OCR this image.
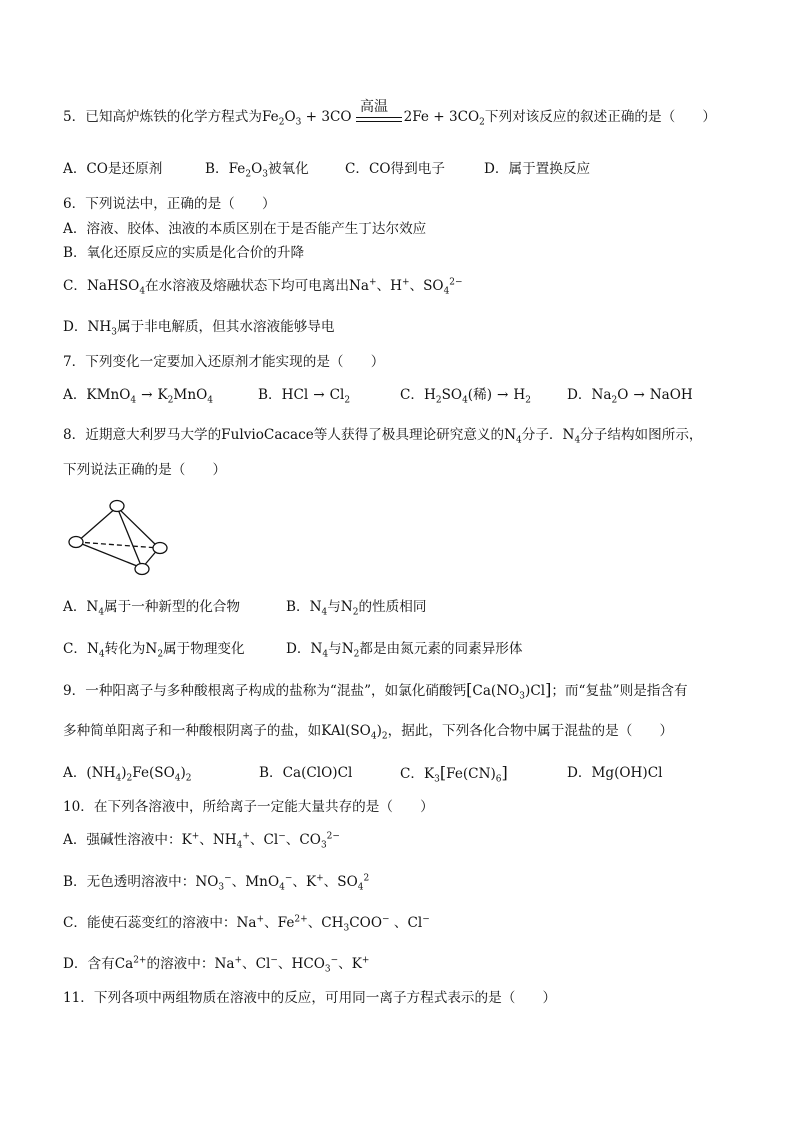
5．已知高炉炼铁的化学方程式为$Fe_2O_3 + 3CO$	$2Fe + 3CO_2$下列对该反应的叙述正确的是（　　）
高温
A．CO是还原剂	B．$Fe_2O_3$被氧化	C．CO得到电子	D．属于置换反应
6．下列说法中，正确的是（　　）
A．溶液、胶体、浊液的本质区别在于是否能产生丁达尔效应
B．氧化还原反应的实质是化合价的升降
C．NaHSO$_4$在水溶液及熔融状态下均可电离出Na+、H+、$SO_4^{2-}$
D．$NH_3$属于非电解质，但其水溶液能够导电
7．下列变化一定要加入还原剂才能实现的是（　　）
A．KMnO$_4$ → $K_2MnO_4$	B．HCl → $Cl_2$	C．$H_2SO_4$(稀) → $H_2$	D．$Na_2O$ → NaOH
8．近期意大利罗马大学的FulvioCacace等人获得了极具理论研究意义的$N_4$分子．$N_4$分子结构如图所示，
下列说法正确的是（　　）
A．$N_4$属于一种新型的化合物	B．$N_4$与$N_2$的性质相同
C．$N_4$转化为$N_2$属于物理变化	D．$N_4$与$N_2$都是由氮元素的同素异形体
9．一种阳离子与多种酸根离子构成的盐称为“混盐”，如氯化硝酸钙$[Ca(NO_3)Cl]$；而“复盐”则是指含有
多种简单阳离子和一种酸根阴离子的盐，如$KAl(SO_4)_2$，据此，下列各化合物中属于混盐的是（　　）
A．$(NH_4)_2Fe(SO_4)_2$	B．Ca(ClO)Cl	C．$K_3[Fe(CN)_6]$	D．Mg(OH)Cl
10．在下列各溶液中，所给离子一定能大量共存的是（　　）
A．强碱性溶液中：K+、$NH_4^+$、Cl−、$CO_3^{2-}$
B．无色透明溶液中：$NO_3^-$、MnO$_4$−、K+、$SO_4^2$
C．能使石蕊变红的溶液中：Na+、$Fe^{2+}$、$CH_3COO^-$ 、Cl−
D．含有$Ca^{2+}$的溶液中：Na+、Cl−、$HCO_3^-$、K+
11．下列各项中两组物质在溶液中的反应，可用同一离子方程式表示的是（　　）
